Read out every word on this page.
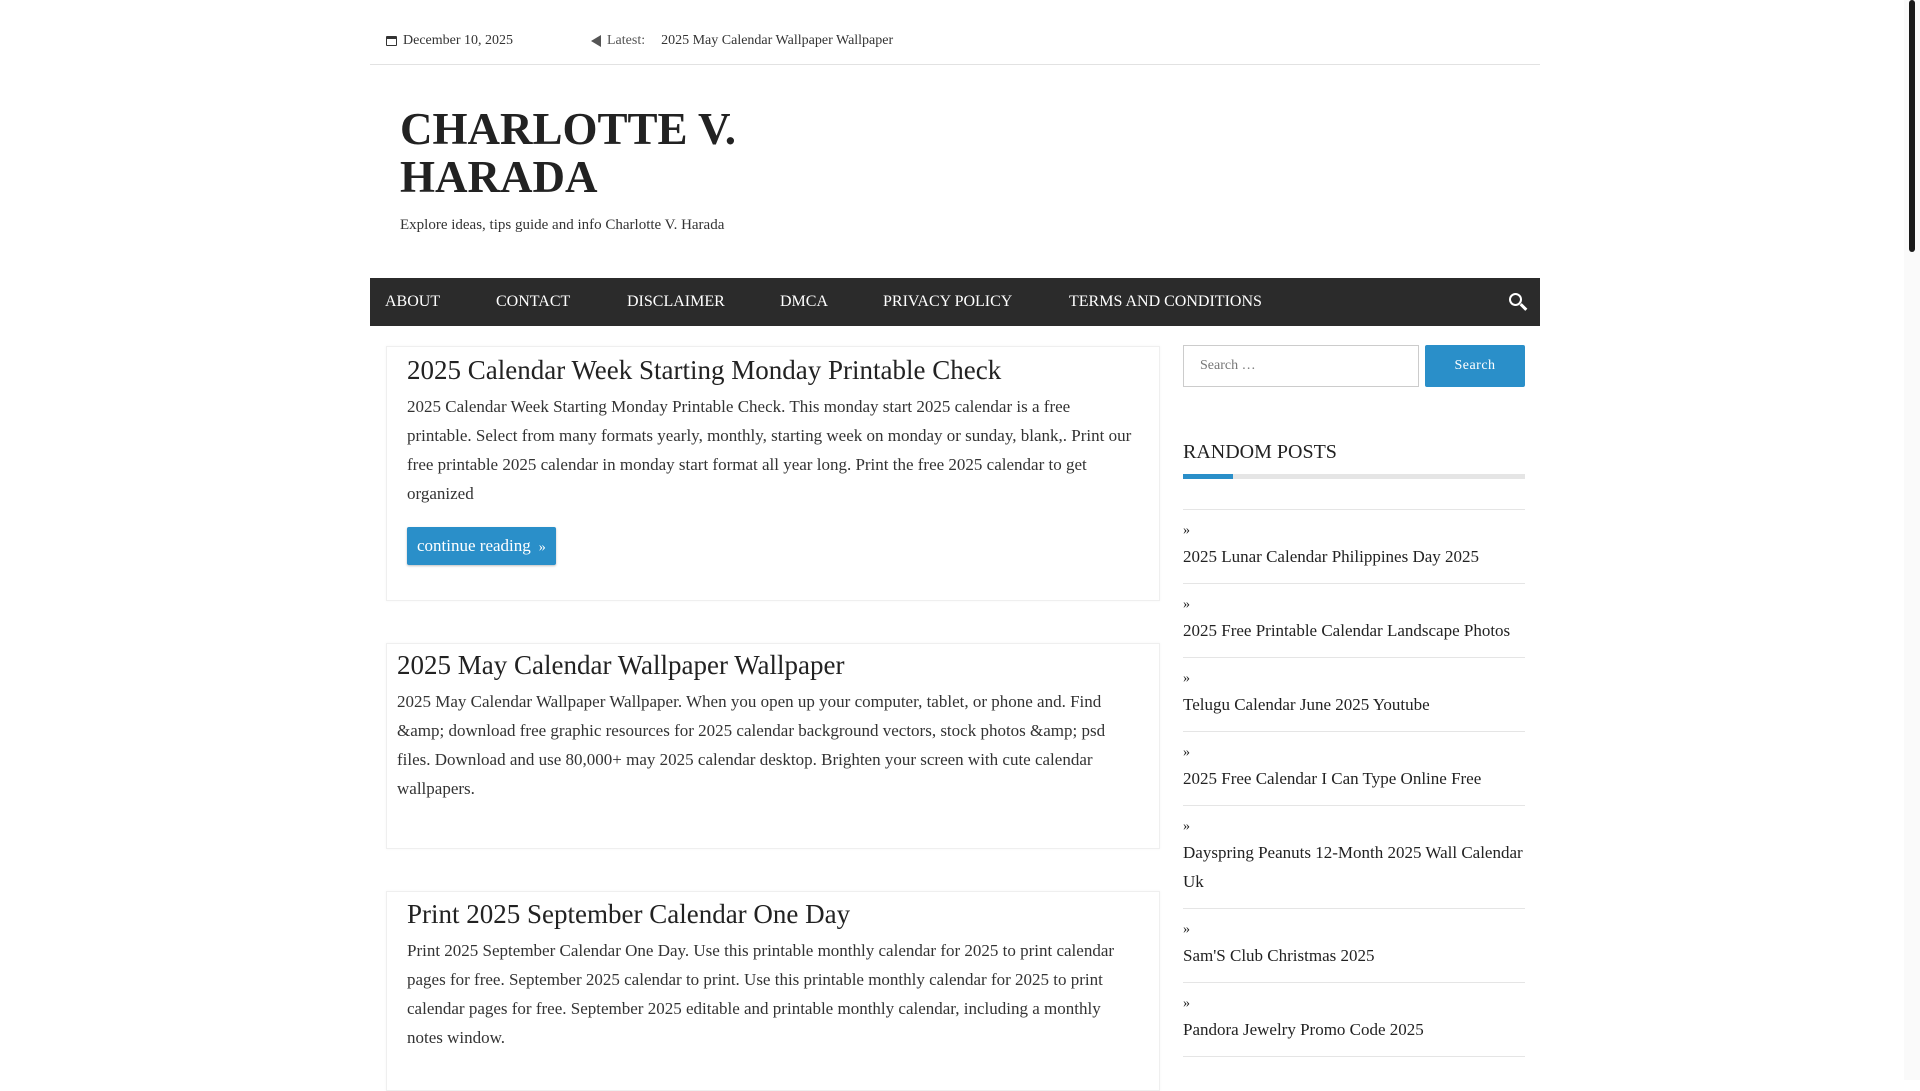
December 10, 2025	Latest: 2025 May Calendar Wallpaper Wallpaper
CHARLOTTE V. HARADA
Explore ideas, tips guide and info Charlotte V. Harada
ABOUT	CONTACT	DISCLAIMER	DMCA	PRIVACY POLICY	TERMS AND CONDITIONS
2025 Calendar Week Starting Monday Printable Check

2025 Calendar Week Starting Monday Printable Check. This monday start 2025 calendar is a free printable. Select from many formats yearly, monthly, starting week on monday or sunday, blank,. Print our free printable 2025 calendar in monday start format all year long. Print the free 2025 calendar to get organized

continue reading »
2025 May Calendar Wallpaper Wallpaper

2025 May Calendar Wallpaper Wallpaper. When you open up your computer, tablet, or phone and. Find &amp; download free graphic resources for 2025 calendar background vectors, stock photos &amp; psd files. Download and use 80,000+ may 2025 calendar desktop. Brighten your screen with cute calendar wallpapers.

Print 2025 September Calendar One Day

Print 2025 September Calendar One Day. Use this printable monthly calendar for 2025 to print calendar pages for free. September 2025 calendar to print. Use this printable monthly calendar for 2025 to print calendar pages for free. September 2025 editable and printable monthly calendar, including a monthly notes window.

Search …
Search
RANDOM POSTS
»
2025 Lunar Calendar Philippines Day 2025
»
2025 Free Printable Calendar Landscape Photos
»
Telugu Calendar June 2025 Youtube
»
2025 Free Calendar I Can Type Online Free
»
Dayspring Peanuts 12-Month 2025 Wall Calendar Uk
»
Sam'S Club Christmas 2025
»
Pandora Jewelry Promo Code 2025
